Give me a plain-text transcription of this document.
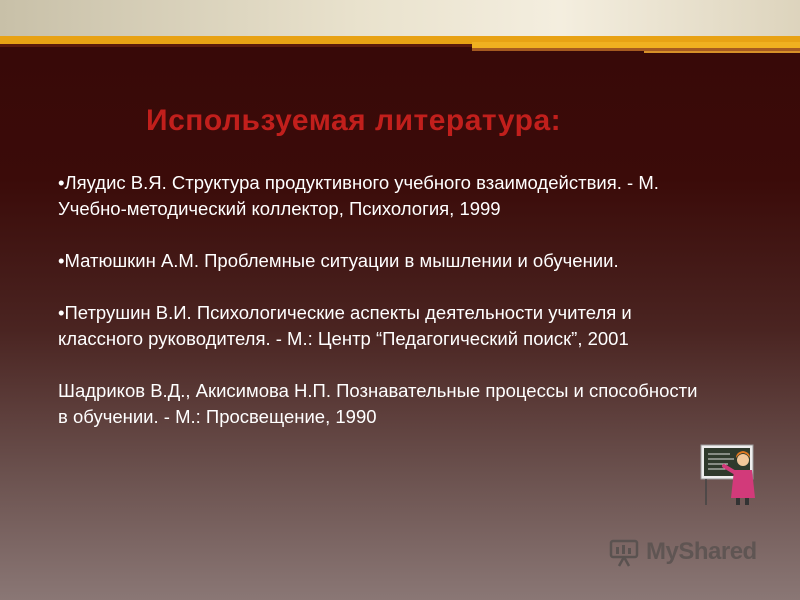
Используемая литература:

•Ляудис В.Я. Структура продуктивного учебного взаимодействия. - М. Учебно-методический коллектор, Психология, 1999

•Матюшкин А.М. Проблемные ситуации в мышлении и обучении.

•Петрушин В.И. Психологические аспекты деятельности учителя и классного руководителя. - М.: Центр “Педагогический поиск”, 2001

Шадриков В.Д., Акисимова Н.П. Познавательные процессы и способности в обучении. - М.: Просвещение, 1990

MyShared
